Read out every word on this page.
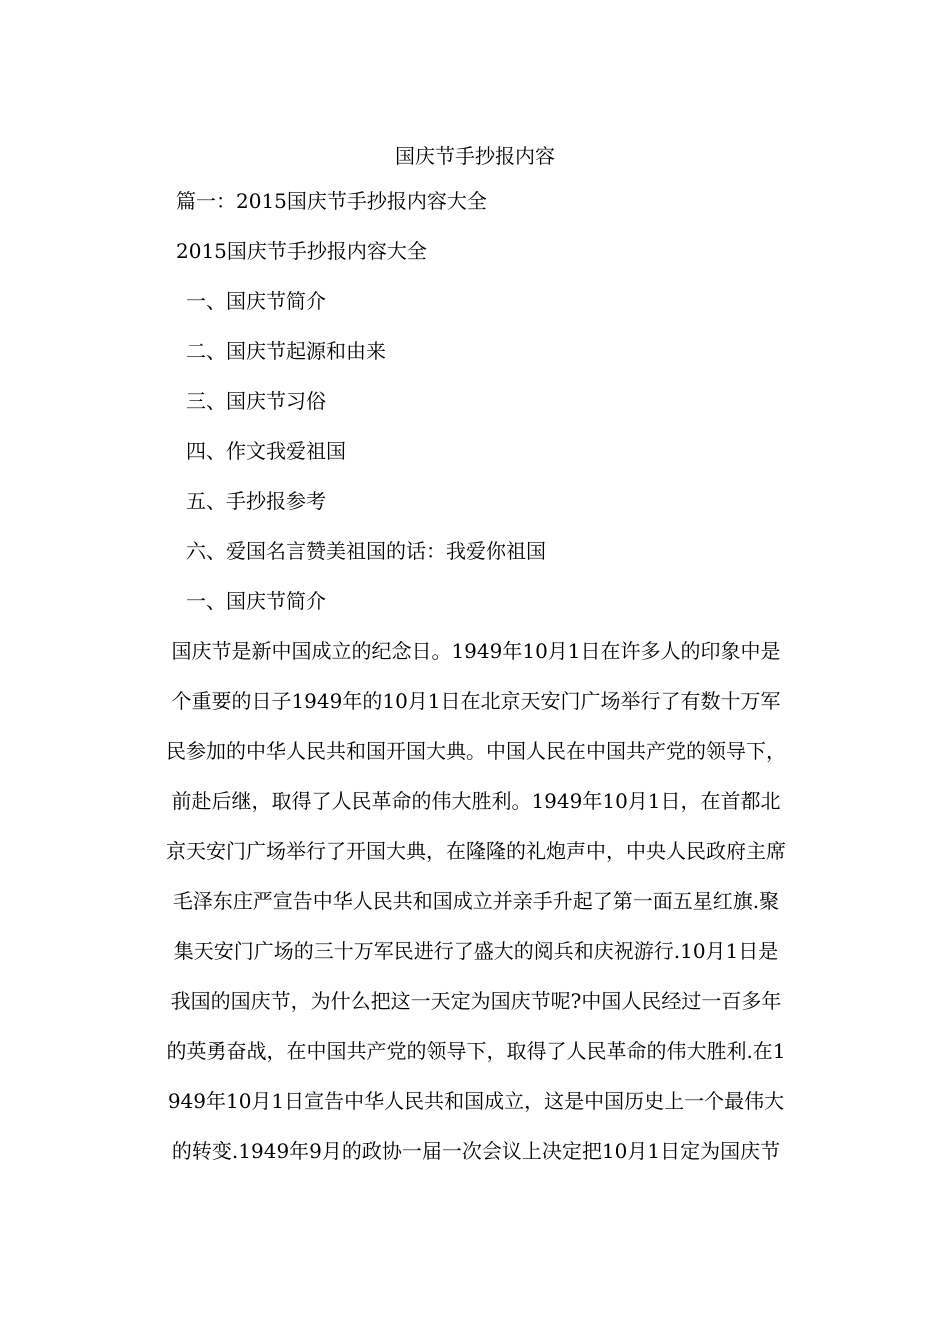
国庆节手抄报内容
篇一：2015国庆节手抄报内容大全
2015国庆节手抄报内容大全
一、国庆节简介
二、国庆节起源和由来
三、国庆节习俗
四、作文我爱祖国
五、手抄报参考
六、爱国名言赞美祖国的话：我爱你祖国
一、国庆节简介
国庆节是新中国成立的纪念日。1949年10月1日在许多人的印象中是
个重要的日子1949年的10月1日在北京天安门广场举行了有数十万军
民参加的中华人民共和国开国大典。中国人民在中国共产党的领导下，
前赴后继，取得了人民革命的伟大胜利。1949年10月1日，在首都北
京天安门广场举行了开国大典，在隆隆的礼炮声中，中央人民政府主席
毛泽东庄严宣告中华人民共和国成立并亲手升起了第一面五星红旗.聚
集天安门广场的三十万军民进行了盛大的阅兵和庆祝游行.10月1日是
我国的国庆节，为什么把这一天定为国庆节呢?中国人民经过一百多年
的英勇奋战，在中国共产党的领导下，取得了人民革命的伟大胜利.在1
949年10月1日宣告中华人民共和国成立，这是中国历史上一个最伟大
的转变.1949年9月的政协一届一次会议上决定把10月1日定为国庆节
